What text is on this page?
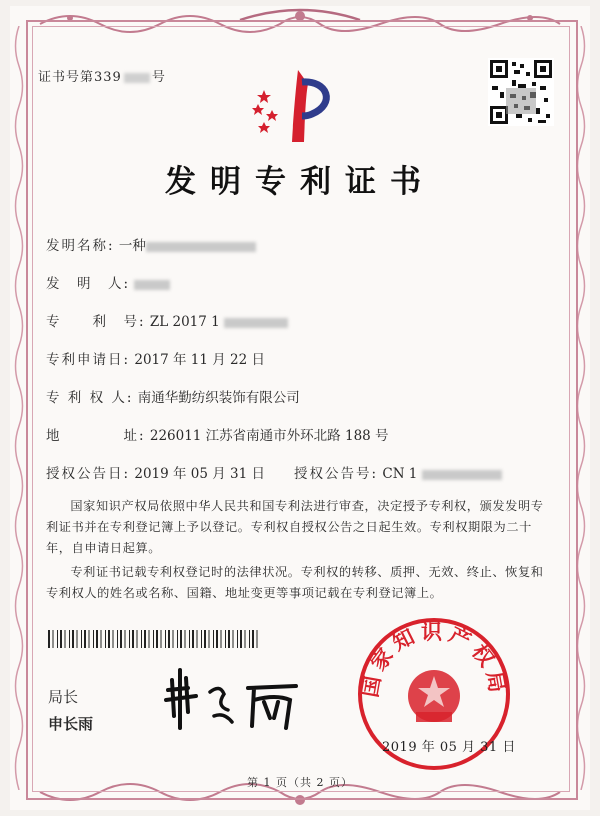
证书号第339 号
发明专利证书
发明名称: 一种
发　明　人:
专　　利　号: ZL 2017 1
专利申请日: 2017 年 11 月 22 日
专 利 权 人: 南通华勤纺织装饰有限公司
地　　　　址: 226011 江苏省南通市外环北路 188 号
授权公告日: 2019 年 05 月 31 日 授权公告号: CN 1
国家知识产权局依照中华人民共和国专利法进行审查，决定授予专利权，颁发发明专利证书并在专利登记簿上予以登记。专利权自授权公告之日起生效。专利权期限为二十年，自申请日起算。
专利证书记载专利权登记时的法律状况。专利权的转移、质押、无效、终止、恢复和专利权人的姓名或名称、国籍、地址变更等事项记载在专利登记簿上。
局长
申长雨
国家知识产权局
2019 年 05 月 31 日
第 1 页（共 2 页）
